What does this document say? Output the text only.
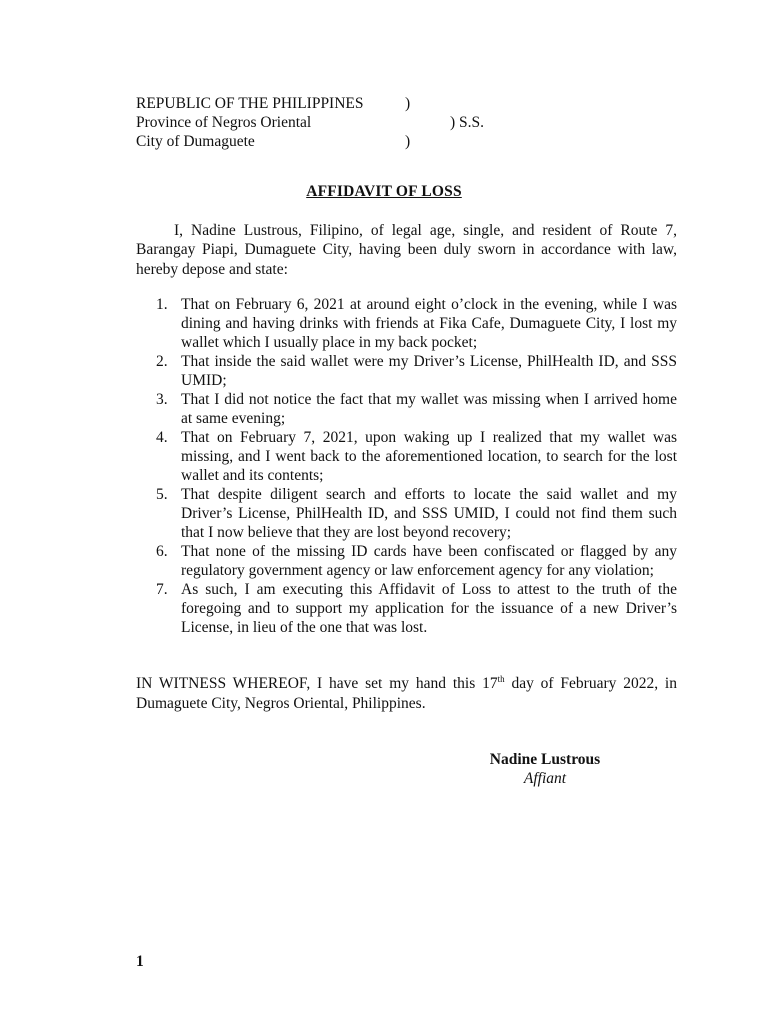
REPUBLIC OF THE PHILIPPINES	)
Province of Negros Oriental	) S.S.
City of Dumaguete	)
AFFIDAVIT OF LOSS

I, Nadine Lustrous, Filipino, of legal age, single, and resident of Route 7, Barangay Piapi, Dumaguete City, having been duly sworn in accordance with law, hereby depose and state:

1. That on February 6, 2021 at around eight o’clock in the evening, while I was dining and having drinks with friends at Fika Cafe, Dumaguete City, I lost my wallet which I usually place in my back pocket;
2. That inside the said wallet were my Driver’s License, PhilHealth ID, and SSS UMID;
3. That I did not notice the fact that my wallet was missing when I arrived home at same evening;
4. That on February 7, 2021, upon waking up I realized that my wallet was missing, and I went back to the aforementioned location, to search for the lost wallet and its contents;
5. That despite diligent search and efforts to locate the said wallet and my Driver’s License, PhilHealth ID, and SSS UMID, I could not find them such that I now believe that they are lost beyond recovery;
6. That none of the missing ID cards have been confiscated or flagged by any regulatory government agency or law enforcement agency for any violation;
7. As such, I am executing this Affidavit of Loss to attest to the truth of the foregoing and to support my application for the issuance of a new Driver’s License, in lieu of the one that was lost.

IN WITNESS WHEREOF, I have set my hand this 17th day of February 2022, in Dumaguete City, Negros Oriental, Philippines.

Nadine Lustrous
Affiant
1
